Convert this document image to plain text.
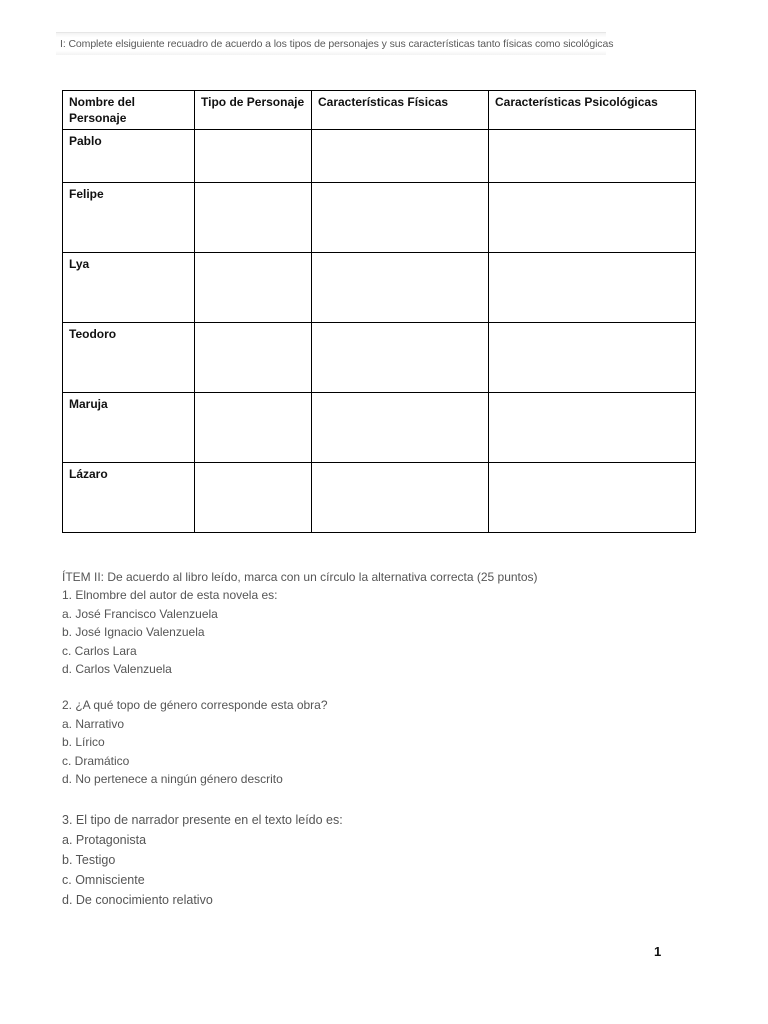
I: Complete elsiguiente recuadro de acuerdo a los tipos de personajes y sus características tanto físicas como sicológicas
Nombre del Personaje	Tipo de Personaje	Características Físicas	Características Psicológicas
Pablo			
Felipe			
Lya			
Teodoro			
Maruja			
Lázaro			

ÍTEM II: De acuerdo al libro leído, marca con un círculo la alternativa correcta (25 puntos)

1. Elnombre del autor de esta novela es:

a. José Francisco Valenzuela

b. José Ignacio Valenzuela

c. Carlos Lara

d. Carlos Valenzuela

2. ¿A qué topo de género corresponde esta obra?

a. Narrativo

b. Lírico

c. Dramático

d. No pertenece a ningún género descrito

3. El tipo de narrador presente en el texto leído es:

a. Protagonista

b. Testigo

c. Omnisciente

d. De conocimiento relativo

1
